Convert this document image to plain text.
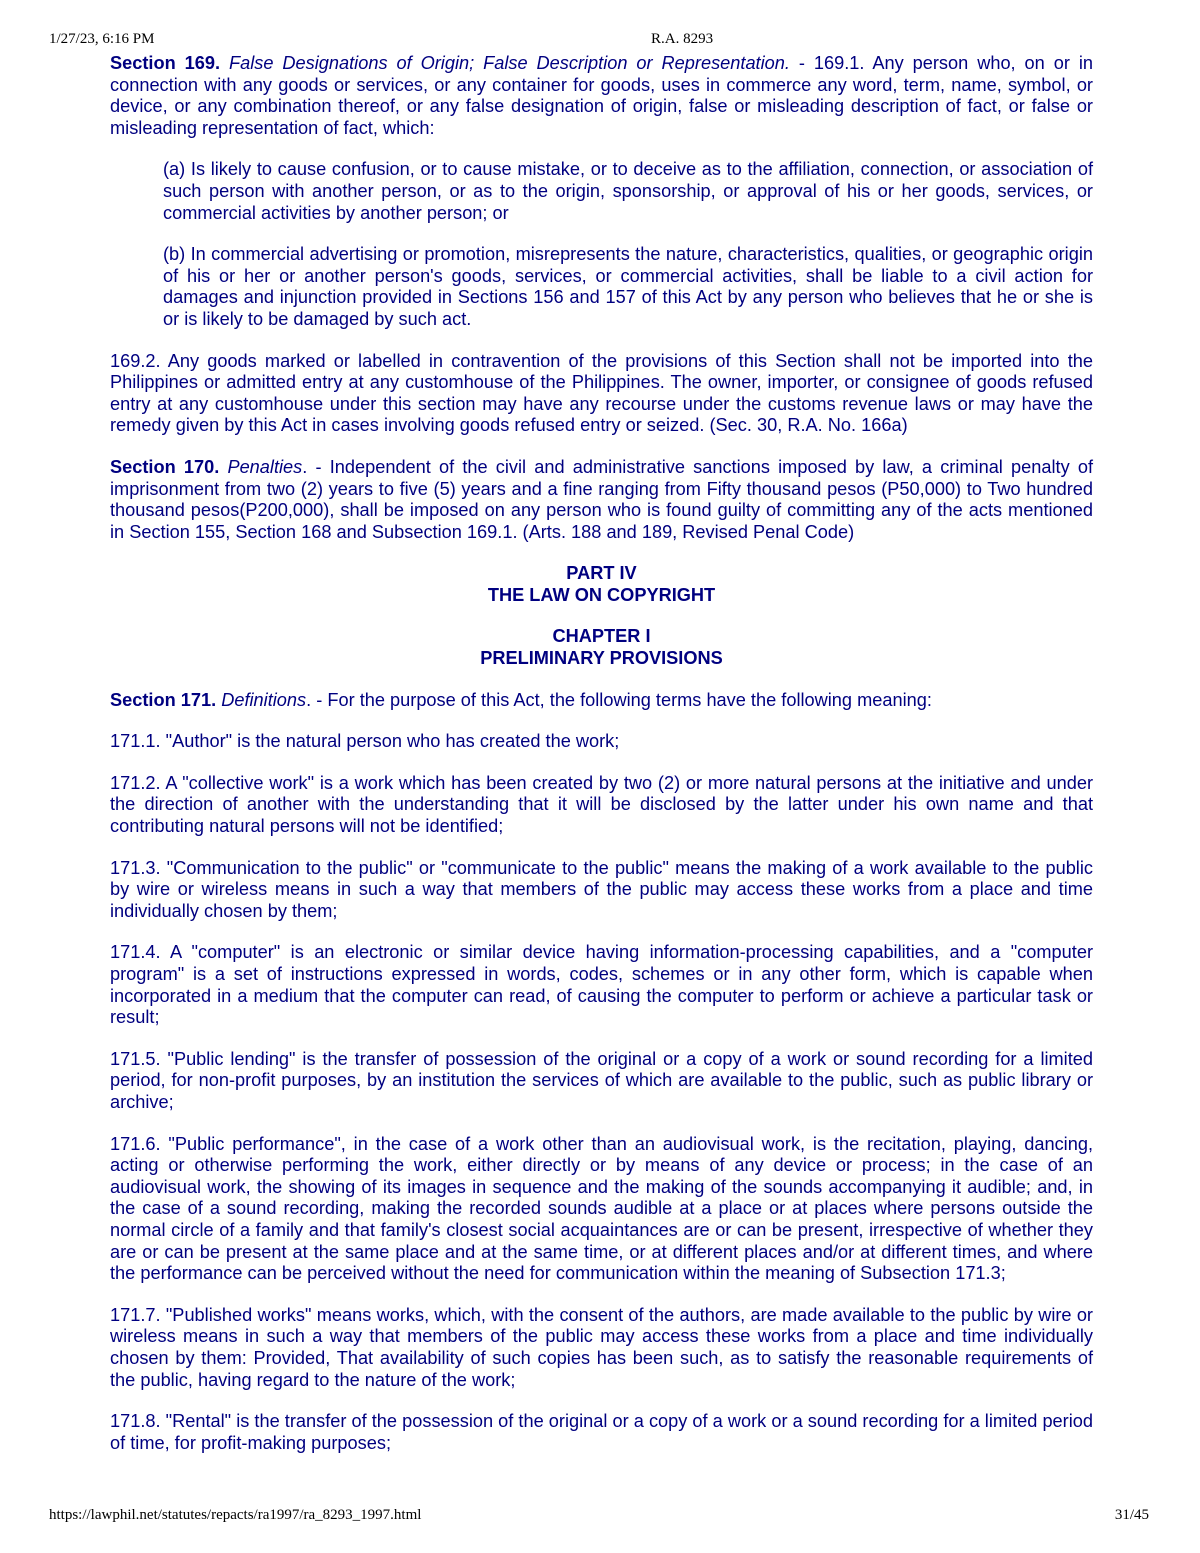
1/27/23, 6:16 PM	R.A. 8293

Section 169. False Designations of Origin; False Description or Representation. - 169.1. Any person who, on or in connection with any goods or services, or any container for goods, uses in commerce any word, term, name, symbol, or device, or any combination thereof, or any false designation of origin, false or misleading description of fact, or false or misleading representation of fact, which:

(a) Is likely to cause confusion, or to cause mistake, or to deceive as to the affiliation, connection, or association of such person with another person, or as to the origin, sponsorship, or approval of his or her goods, services, or commercial activities by another person; or

(b) In commercial advertising or promotion, misrepresents the nature, characteristics, qualities, or geographic origin of his or her or another person's goods, services, or commercial activities, shall be liable to a civil action for damages and injunction provided in Sections 156 and 157 of this Act by any person who believes that he or she is or is likely to be damaged by such act.

169.2. Any goods marked or labelled in contravention of the provisions of this Section shall not be imported into the Philippines or admitted entry at any customhouse of the Philippines. The owner, importer, or consignee of goods refused entry at any customhouse under this section may have any recourse under the customs revenue laws or may have the remedy given by this Act in cases involving goods refused entry or seized. (Sec. 30, R.A. No. 166a)

Section 170. Penalties. - Independent of the civil and administrative sanctions imposed by law, a criminal penalty of imprisonment from two (2) years to five (5) years and a fine ranging from Fifty thousand pesos (P50,000) to Two hundred thousand pesos(P200,000), shall be imposed on any person who is found guilty of committing any of the acts mentioned in Section 155, Section 168 and Subsection 169.1. (Arts. 188 and 189, Revised Penal Code)

PART IV
THE LAW ON COPYRIGHT
CHAPTER I
PRELIMINARY PROVISIONS

Section 171. Definitions. - For the purpose of this Act, the following terms have the following meaning:

171.1. "Author" is the natural person who has created the work;

171.2. A "collective work" is a work which has been created by two (2) or more natural persons at the initiative and under the direction of another with the understanding that it will be disclosed by the latter under his own name and that contributing natural persons will not be identified;

171.3. "Communication to the public" or "communicate to the public" means the making of a work available to the public by wire or wireless means in such a way that members of the public may access these works from a place and time individually chosen by them;

171.4. A "computer" is an electronic or similar device having information-processing capabilities, and a "computer program" is a set of instructions expressed in words, codes, schemes or in any other form, which is capable when incorporated in a medium that the computer can read, of causing the computer to perform or achieve a particular task or result;

171.5. "Public lending" is the transfer of possession of the original or a copy of a work or sound recording for a limited period, for non-profit purposes, by an institution the services of which are available to the public, such as public library or archive;

171.6. "Public performance", in the case of a work other than an audiovisual work, is the recitation, playing, dancing, acting or otherwise performing the work, either directly or by means of any device or process; in the case of an audiovisual work, the showing of its images in sequence and the making of the sounds accompanying it audible; and, in the case of a sound recording, making the recorded sounds audible at a place or at places where persons outside the normal circle of a family and that family's closest social acquaintances are or can be present, irrespective of whether they are or can be present at the same place and at the same time, or at different places and/or at different times, and where the performance can be perceived without the need for communication within the meaning of Subsection 171.3;

171.7. "Published works" means works, which, with the consent of the authors, are made available to the public by wire or wireless means in such a way that members of the public may access these works from a place and time individually chosen by them: Provided, That availability of such copies has been such, as to satisfy the reasonable requirements of the public, having regard to the nature of the work;

171.8. "Rental" is the transfer of the possession of the original or a copy of a work or a sound recording for a limited period of time, for profit-making purposes;

https://lawphil.net/statutes/repacts/ra1997/ra_8293_1997.html	31/45
